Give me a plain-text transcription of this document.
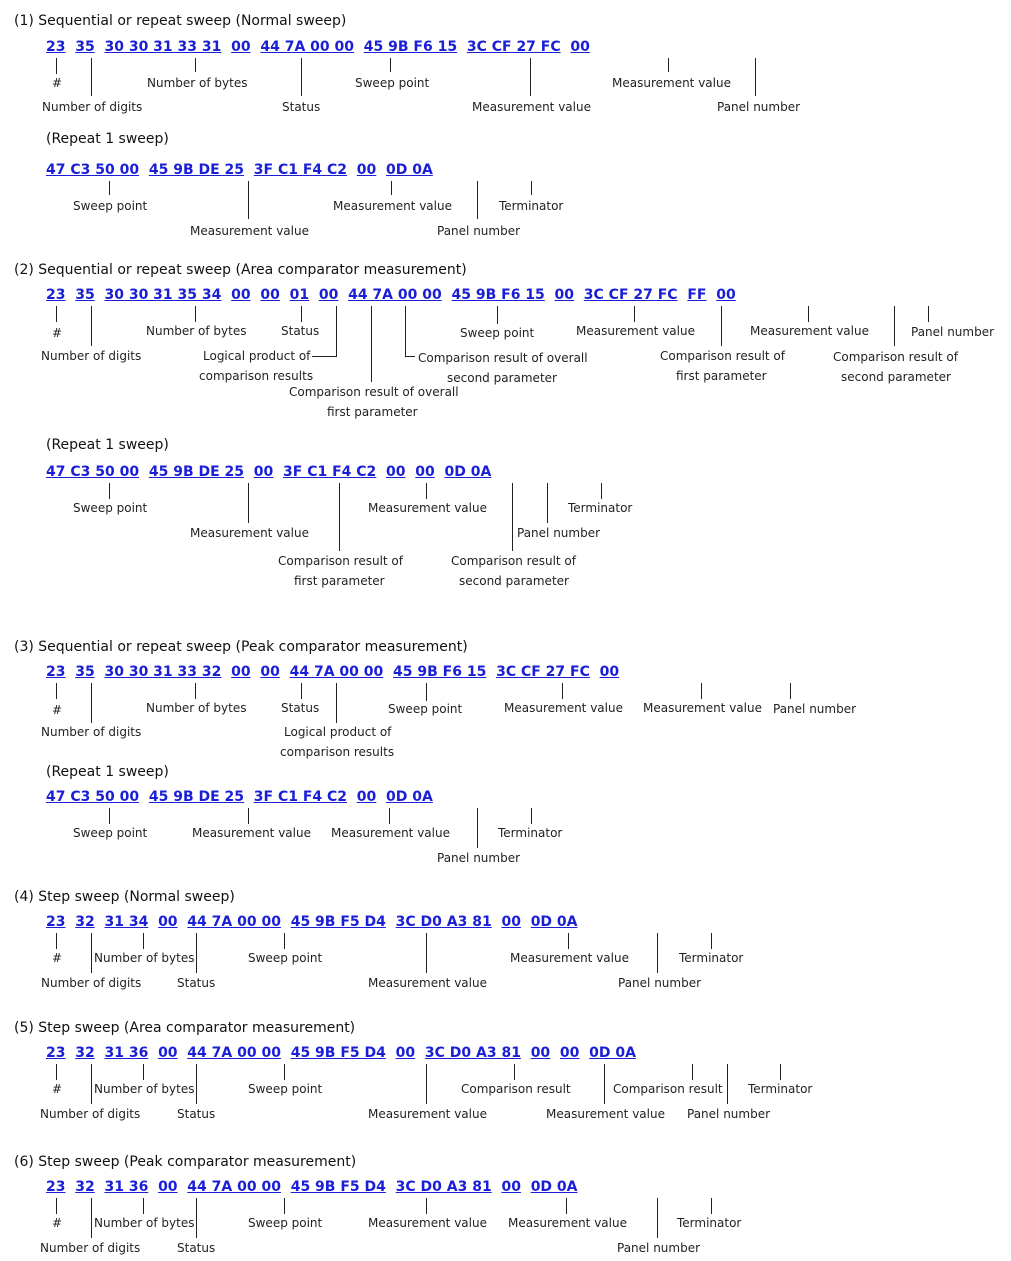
(1) Sequential or repeat sweep (Normal sweep)
23 35 30 30 31 33 31 00 44 7A 00 00 45 9B F6 15 3C CF 27 FC 00
#	Number of bytes	Sweep point	Measurement value
Number of digits	Status	Measurement value	Panel number
(Repeat 1 sweep)
47 C3 50 00 45 9B DE 25 3F C1 F4 C2 00 0D 0A
Sweep point	Measurement value	Terminator
Measurement value	Panel number
(2) Sequential or repeat sweep (Area comparator measurement)
23 35 30 30 31 35 34 00 00 01 00 44 7A 00 00 45 9B F6 15 00 3C CF 27 FC FF 00
#	Number of bytes	Status	Sweep point	Measurement value	Measurement value	Panel number
Number of digits	Logical product of
comparison results
Comparison result of overall
second parameter
Comparison result of
first parameter
Comparison result of
second parameter
Comparison result of overall
first parameter
(Repeat 1 sweep)
47 C3 50 00 45 9B DE 25 00 3F C1 F4 C2 00 00 0D 0A
Sweep point	Measurement value	Terminator
Measurement value	Panel number
Comparison result of
first parameter
Comparison result of
second parameter
(3) Sequential or repeat sweep (Peak comparator measurement)
23 35 30 30 31 33 32 00 00 44 7A 00 00 45 9B F6 15 3C CF 27 FC 00
#	Number of bytes	Status	Sweep point	Measurement value Measurement value Panel number
Number of digits	Logical product of
comparison results
(Repeat 1 sweep)
47 C3 50 00 45 9B DE 25 3F C1 F4 C2 00 0D 0A
Sweep point	Measurement value Measurement value	Terminator
Panel number
(4) Step sweep (Normal sweep)
23 32 31 34 00 44 7A 00 00 45 9B F5 D4 3C D0 A3 81 00 0D 0A
#	Number of bytes	Sweep point	Measurement value	Terminator
Number of digits	Status	Measurement value	Panel number
(5) Step sweep (Area comparator measurement)
23 32 31 36 00 44 7A 00 00 45 9B F5 D4 00 3C D0 A3 81 00 00 0D 0A
#	Number of bytes	Sweep point	Comparison result	Comparison result Terminator
Number of digits	Status	Measurement value	Measurement value Panel number
(6) Step sweep (Peak comparator measurement)
23 32 31 36 00 44 7A 00 00 45 9B F5 D4 3C D0 A3 81 00 0D 0A
#	Number of bytes	Sweep point	Measurement value Measurement value	Terminator
Number of digits	Status	Panel number
